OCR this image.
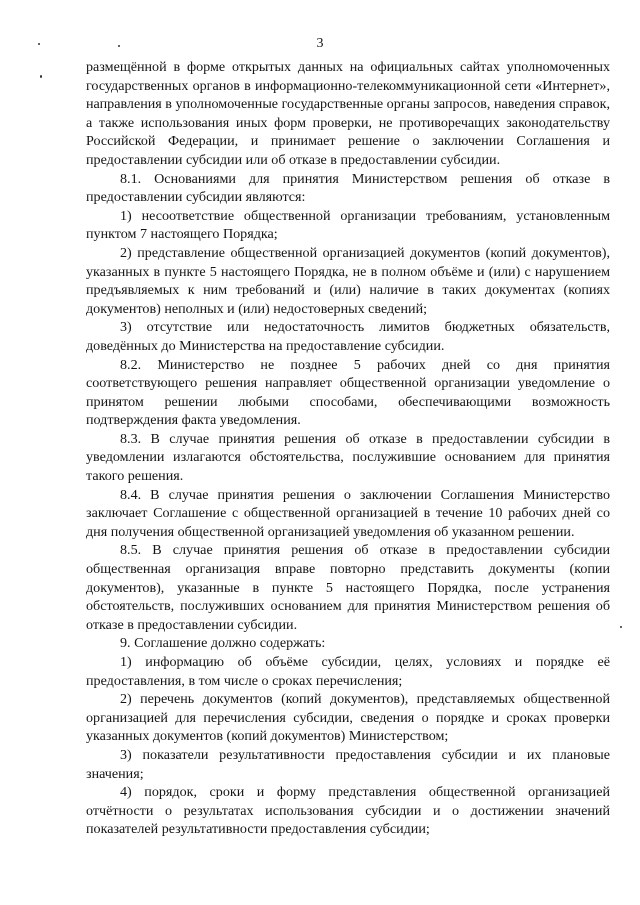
3

размещённой в форме открытых данных на официальных сайтах уполномоченных государственных органов в информационно-телекоммуникационной сети «Интернет», направления в уполномоченные государственные органы запросов, наведения справок, а также использования иных форм проверки, не противоречащих законодательству Российской Федерации, и принимает решение о заключении Соглашения и предоставлении субсидии или об отказе в предоставлении субсидии.

8.1. Основаниями для принятия Министерством решения об отказе в предоставлении субсидии являются:

1) несоответствие общественной организации требованиям, установленным пунктом 7 настоящего Порядка;

2) представление общественной организацией документов (копий документов), указанных в пункте 5 настоящего Порядка, не в полном объёме и (или) с нарушением предъявляемых к ним требований и (или) наличие в таких документах (копиях документов) неполных и (или) недостоверных сведений;

3) отсутствие или недостаточность лимитов бюджетных обязательств, доведённых до Министерства на предоставление субсидии.

8.2. Министерство не позднее 5 рабочих дней со дня принятия соответствующего решения направляет общественной организации уведомление о принятом решении любыми способами, обеспечивающими возможность подтверждения факта уведомления.

8.3. В случае принятия решения об отказе в предоставлении субсидии в уведомлении излагаются обстоятельства, послужившие основанием для принятия такого решения.

8.4. В случае принятия решения о заключении Соглашения Министерство заключает Соглашение с общественной организацией в течение 10 рабочих дней со дня получения общественной организацией уведомления об указанном решении.

8.5. В случае принятия решения об отказе в предоставлении субсидии общественная организация вправе повторно представить документы (копии документов), указанные в пункте 5 настоящего Порядка, после устранения обстоятельств, послуживших основанием для принятия Министерством решения об отказе в предоставлении субсидии.

9. Соглашение должно содержать:

1) информацию об объёме субсидии, целях, условиях и порядке её предоставления, в том числе о сроках перечисления;

2) перечень документов (копий документов), представляемых общественной организацией для перечисления субсидии, сведения о порядке и сроках проверки указанных документов (копий документов) Министерством;

3) показатели результативности предоставления субсидии и их плановые значения;

4) порядок, сроки и форму представления общественной организацией отчётности о результатах использования субсидии и о достижении значений показателей результативности предоставления субсидии;
